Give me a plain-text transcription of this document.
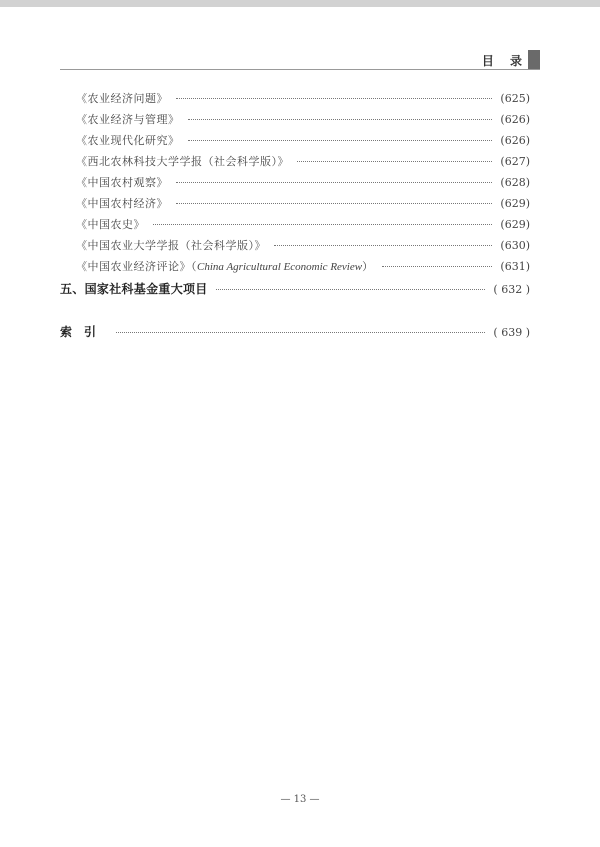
目 录
《农业经济问题》	(625)
《农业经济与管理》	(626)
《农业现代化研究》	(626)
《西北农林科技大学学报（社会科学版）》	(627)
《中国农村观察》	(628)
《中国农村经济》	(629)
《中国农史》	(629)
《中国农业大学学报（社会科学版）》	(630)
《中国农业经济评论》（China Agricultural Economic Review）	(631)
五、国家社科基金重大项目	( 632 )
索引	( 639 )
— 13 —
